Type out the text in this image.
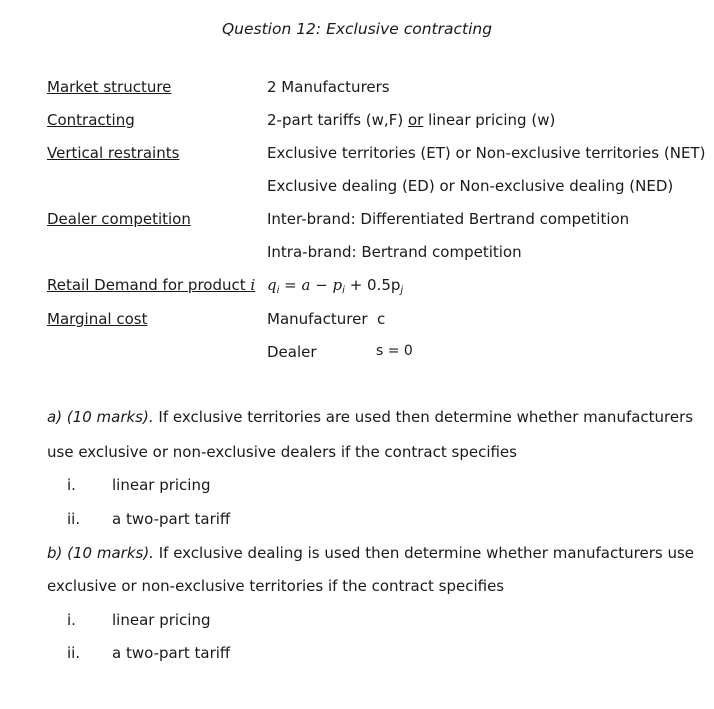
Question 12: Exclusive contracting
Market structure	2 Manufacturers
Contracting	2-part tariffs (w,F) or linear pricing (w)
Vertical restraints	Exclusive territories (ET) or Non-exclusive territories (NET)
Exclusive dealing (ED) or Non-exclusive dealing (NED)
Dealer competition	Inter-brand: Differentiated Bertrand competition
Intra-brand: Bertrand competition
Retail Demand for product i $q_i = a - p_i + 0.5p_j$
Marginal cost	Manufacturer  c
Dealer	s = 0
a) (10 marks). If exclusive territories are used then determine whether manufacturers
use exclusive or non-exclusive dealers if the contract specifies
i. linear pricing
ii. a two-part tariff
b) (10 marks). If exclusive dealing is used then determine whether manufacturers use
exclusive or non-exclusive territories if the contract specifies
i. linear pricing
ii. a two-part tariff
